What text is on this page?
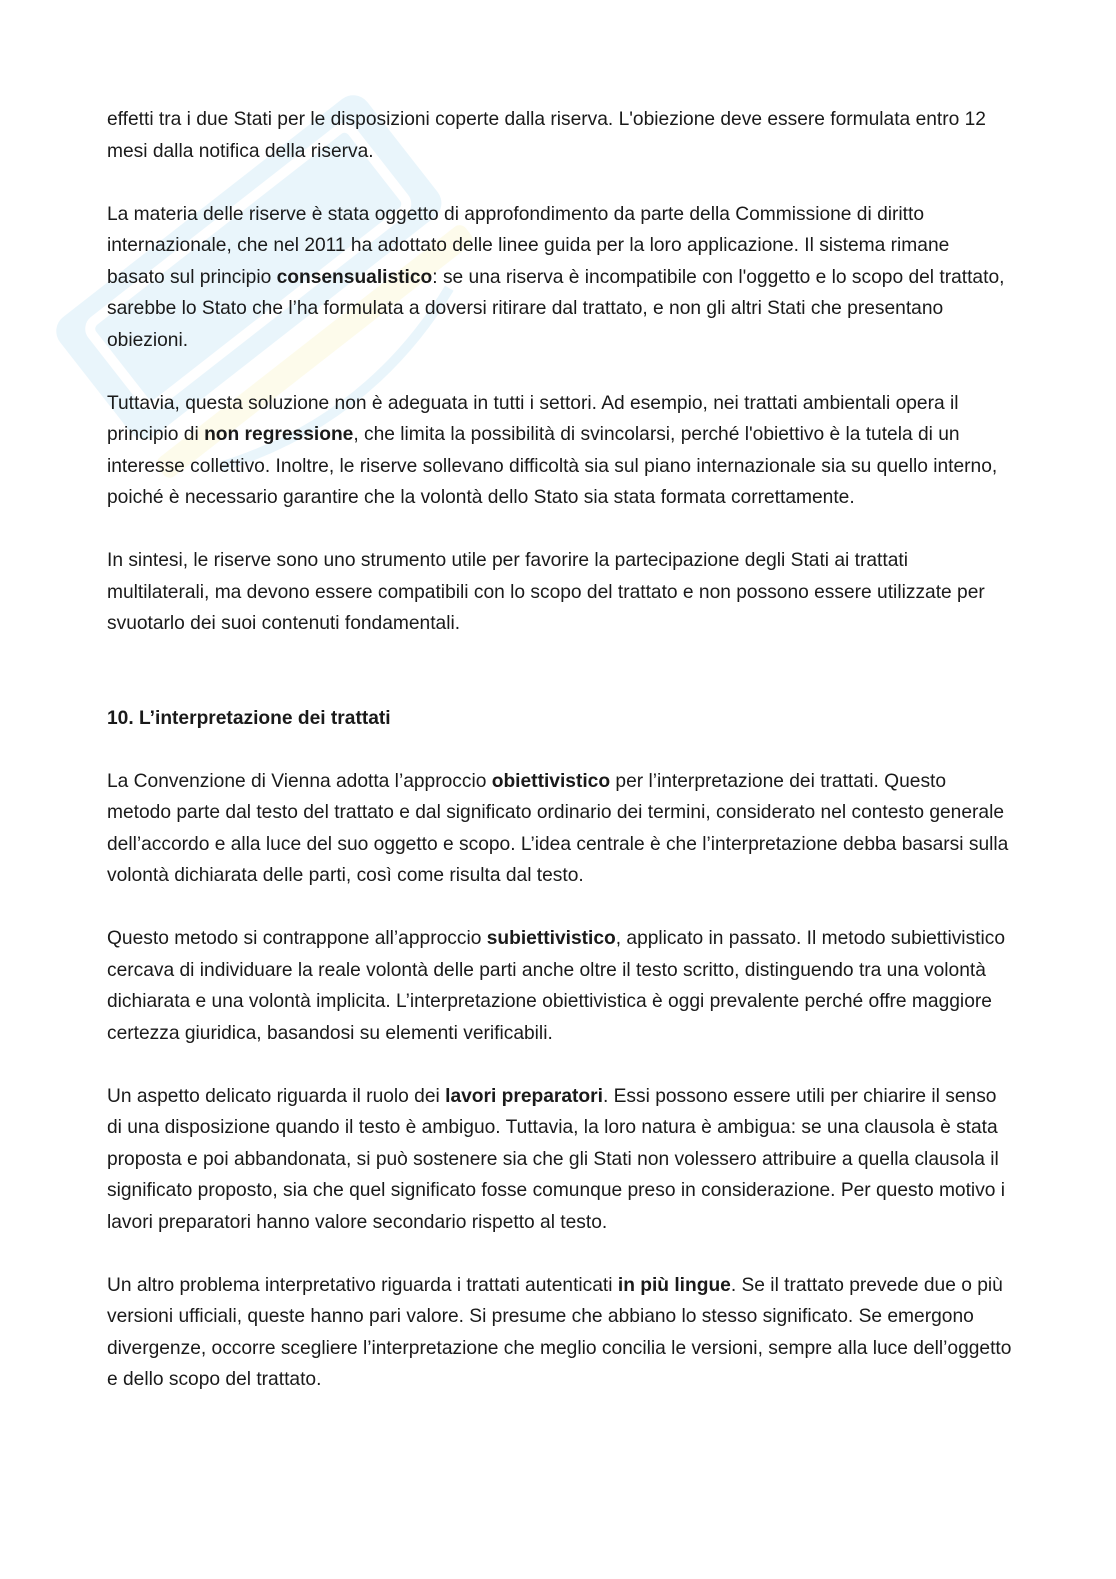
effetti tra i due Stati per le disposizioni coperte dalla riserva. L'obiezione deve essere formulata entro 12 mesi dalla notifica della riserva.

La materia delle riserve è stata oggetto di approfondimento da parte della Commissione di diritto internazionale, che nel 2011 ha adottato delle linee guida per la loro applicazione. Il sistema rimane basato sul principio consensualistico: se una riserva è incompatibile con l'oggetto e lo scopo del trattato, sarebbe lo Stato che l’ha formulata a doversi ritirare dal trattato, e non gli altri Stati che presentano obiezioni.

Tuttavia, questa soluzione non è adeguata in tutti i settori. Ad esempio, nei trattati ambientali opera il principio di non regressione, che limita la possibilità di svincolarsi, perché l'obiettivo è la tutela di un interesse collettivo. Inoltre, le riserve sollevano difficoltà sia sul piano internazionale sia su quello interno, poiché è necessario garantire che la volontà dello Stato sia stata formata correttamente.

In sintesi, le riserve sono uno strumento utile per favorire la partecipazione degli Stati ai trattati multilaterali, ma devono essere compatibili con lo scopo del trattato e non possono essere utilizzate per svuotarlo dei suoi contenuti fondamentali.

10. L’interpretazione dei trattati

La Convenzione di Vienna adotta l’approccio obiettivistico per l’interpretazione dei trattati. Questo metodo parte dal testo del trattato e dal significato ordinario dei termini, considerato nel contesto generale dell’accordo e alla luce del suo oggetto e scopo. L’idea centrale è che l’interpretazione debba basarsi sulla volontà dichiarata delle parti, così come risulta dal testo.

Questo metodo si contrappone all’approccio subiettivistico, applicato in passato. Il metodo subiettivistico cercava di individuare la reale volontà delle parti anche oltre il testo scritto, distinguendo tra una volontà dichiarata e una volontà implicita. L’interpretazione obiettivistica è oggi prevalente perché offre maggiore certezza giuridica, basandosi su elementi verificabili.

Un aspetto delicato riguarda il ruolo dei lavori preparatori. Essi possono essere utili per chiarire il senso di una disposizione quando il testo è ambiguo. Tuttavia, la loro natura è ambigua: se una clausola è stata proposta e poi abbandonata, si può sostenere sia che gli Stati non volessero attribuire a quella clausola il significato proposto, sia che quel significato fosse comunque preso in considerazione. Per questo motivo i lavori preparatori hanno valore secondario rispetto al testo.

Un altro problema interpretativo riguarda i trattati autenticati in più lingue. Se il trattato prevede due o più versioni ufficiali, queste hanno pari valore. Si presume che abbiano lo stesso significato. Se emergono divergenze, occorre scegliere l’interpretazione che meglio concilia le versioni, sempre alla luce dell’oggetto e dello scopo del trattato.
